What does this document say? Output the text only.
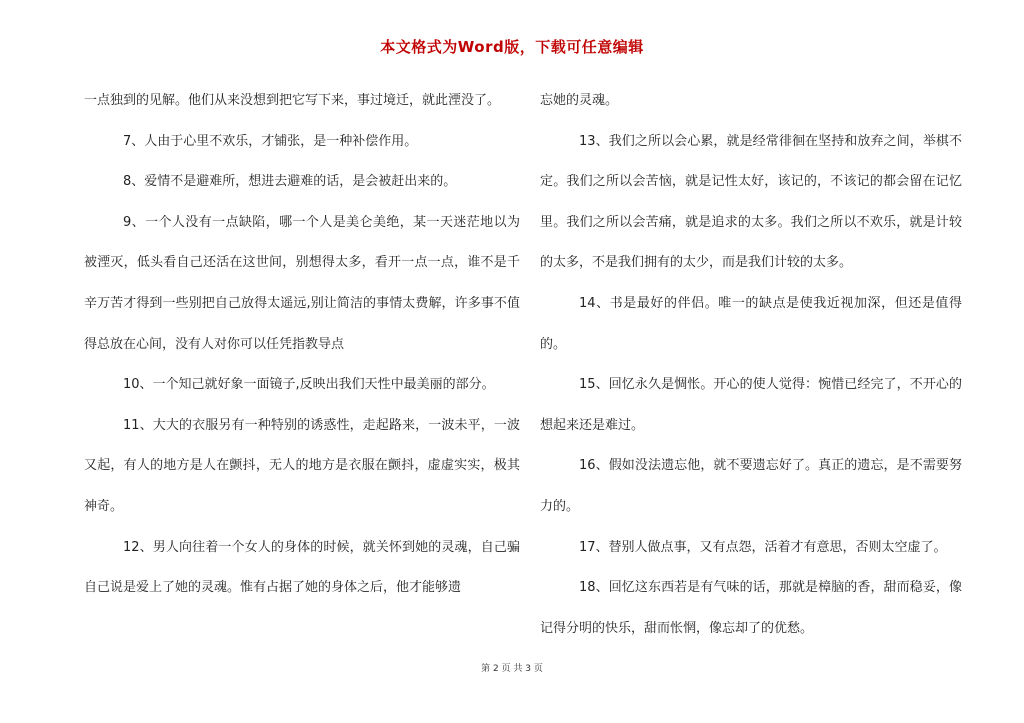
本文格式为Word版，下载可任意编辑

一点独到的见解。他们从来没想到把它写下来，事过境迁，就此湮没了。

7、人由于心里不欢乐，才铺张，是一种补偿作用。

8、爱情不是避难所，想进去避难的话，是会被赶出来的。

9、一个人没有一点缺陷，哪一个人是美仑美绝，某一天迷茫地以为被湮灭，低头看自己还活在这世间，别想得太多，看开一点一点，谁不是千辛万苦才得到一些别把自己放得太遥远,别让简洁的事情太费解，许多事不值得总放在心间，没有人对你可以任凭指教导点

10、一个知己就好象一面镜子,反映出我们天性中最美丽的部分。

11、大大的衣服另有一种特别的诱惑性，走起路来，一波未平，一波又起，有人的地方是人在颤抖，无人的地方是衣服在颤抖，虚虚实实，极其神奇。

12、男人向往着一个女人的身体的时候，就关怀到她的灵魂，自己骗自己说是爱上了她的灵魂。惟有占据了她的身体之后，他才能够遗

忘她的灵魂。

13、我们之所以会心累，就是经常徘徊在坚持和放弃之间，举棋不定。我们之所以会苦恼，就是记性太好，该记的，不该记的都会留在记忆里。我们之所以会苦痛，就是追求的太多。我们之所以不欢乐，就是计较的太多，不是我们拥有的太少，而是我们计较的太多。

14、书是最好的伴侣。唯一的缺点是使我近视加深，但还是值得的。

15、回忆永久是惆怅。开心的使人觉得：惋惜已经完了，不开心的想起来还是难过。

16、假如没法遗忘他，就不要遗忘好了。真正的遗忘，是不需要努力的。

17、替别人做点事，又有点怨，活着才有意思，否则太空虚了。

18、回忆这东西若是有气味的话，那就是樟脑的香，甜而稳妥，像记得分明的快乐，甜而怅惘，像忘却了的优愁。

第 2 页 共 3 页
